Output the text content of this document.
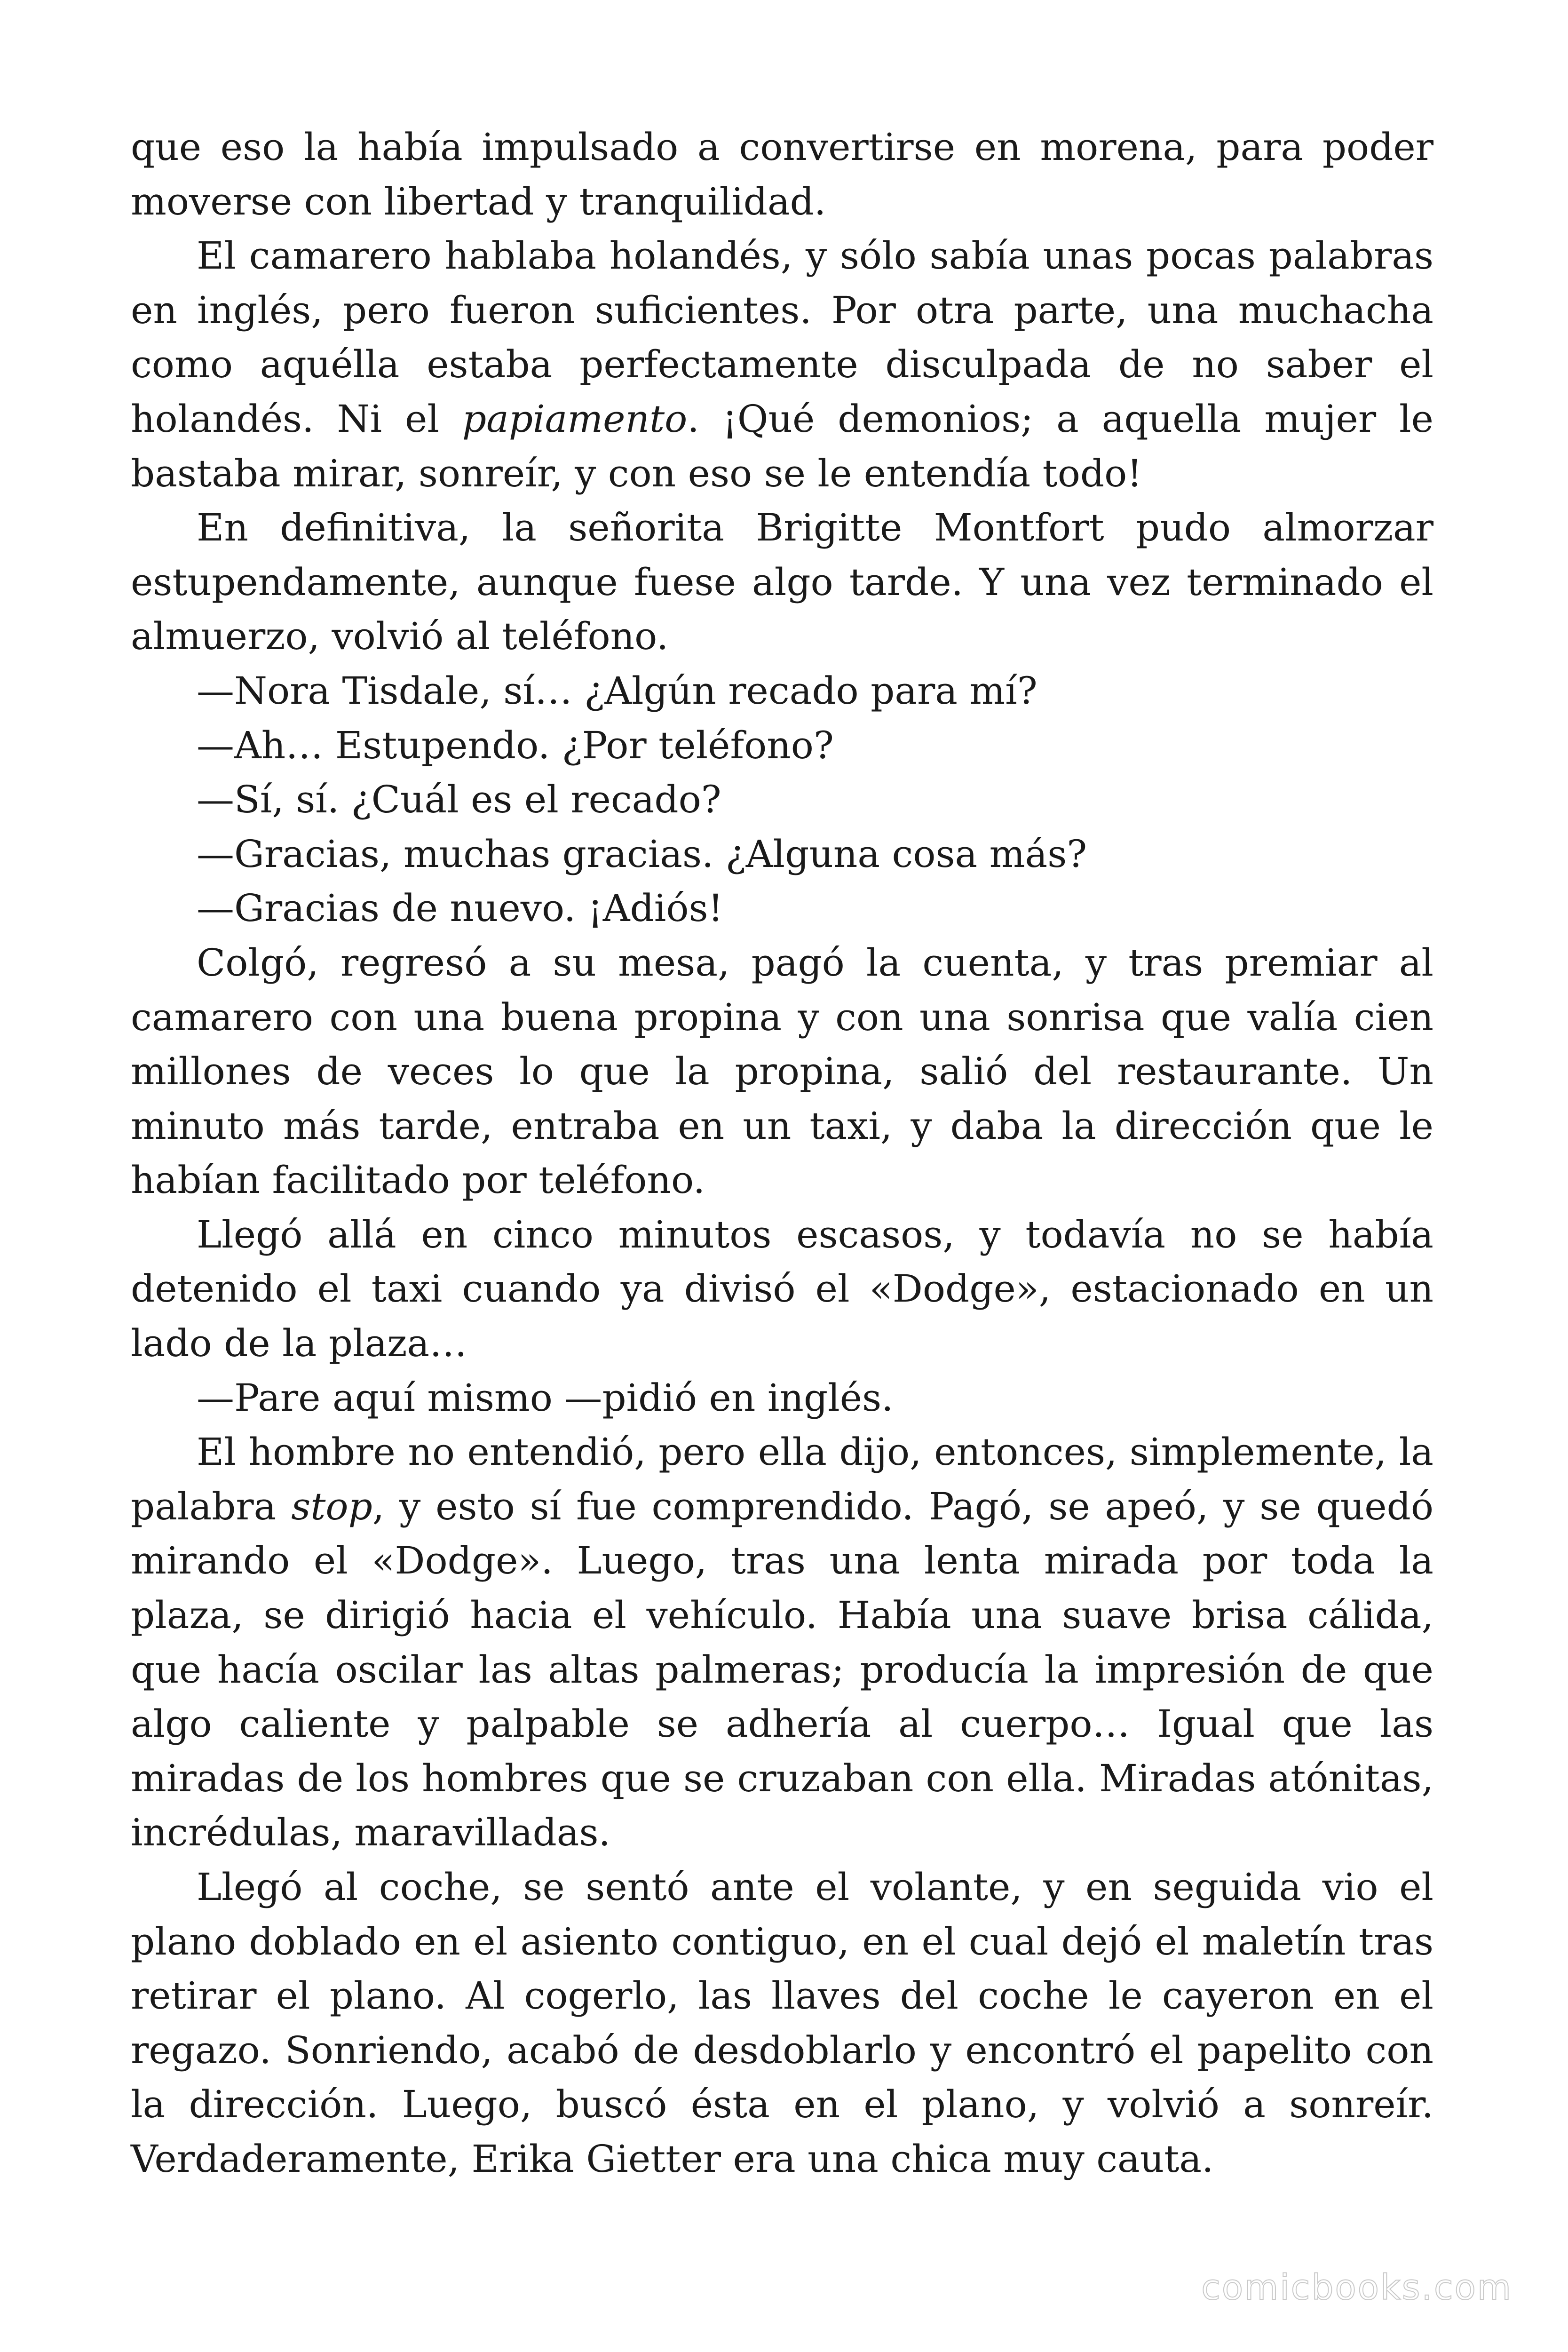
que eso la había impulsado a convertirse en morena, para poder moverse con libertad y tranquilidad.

El camarero hablaba holandés, y sólo sabía unas pocas palabras en inglés, pero fueron suficientes. Por otra parte, una muchacha como aquélla estaba perfectamente disculpada de no saber el holandés. Ni el papiamento. ¡Qué demonios; a aquella mujer le bastaba mirar, sonreír, y con eso se le entendía todo!

En definitiva, la señorita Brigitte Montfort pudo almorzar estupendamente, aunque fuese algo tarde. Y una vez terminado el almuerzo, volvió al teléfono.

—Nora Tisdale, sí… ¿Algún recado para mí?

—Ah… Estupendo. ¿Por teléfono?

—Sí, sí. ¿Cuál es el recado?

—Gracias, muchas gracias. ¿Alguna cosa más?

—Gracias de nuevo. ¡Adiós!

Colgó, regresó a su mesa, pagó la cuenta, y tras premiar al camarero con una buena propina y con una sonrisa que valía cien millones de veces lo que la propina, salió del restaurante. Un minuto más tarde, entraba en un taxi, y daba la dirección que le habían facilitado por teléfono.

Llegó allá en cinco minutos escasos, y todavía no se había detenido el taxi cuando ya divisó el «Dodge», estacionado en un lado de la plaza…

—Pare aquí mismo —pidió en inglés.

El hombre no entendió, pero ella dijo, entonces, simplemente, la palabra stop, y esto sí fue comprendido. Pagó, se apeó, y se quedó mirando el «Dodge». Luego, tras una lenta mirada por toda la plaza, se dirigió hacia el vehículo. Había una suave brisa cálida, que hacía oscilar las altas palmeras; producía la impresión de que algo caliente y palpable se adhería al cuerpo… Igual que las miradas de los hombres que se cruzaban con ella. Miradas atónitas, incrédulas, maravilladas.

Llegó al coche, se sentó ante el volante, y en seguida vio el plano doblado en el asiento contiguo, en el cual dejó el maletín tras retirar el plano. Al cogerlo, las llaves del coche le cayeron en el regazo. Sonriendo, acabó de desdoblarlo y encontró el papelito con la dirección. Luego, buscó ésta en el plano, y volvió a sonreír. Verdaderamente, Erika Gietter era una chica muy cauta.

comicbooks.com
